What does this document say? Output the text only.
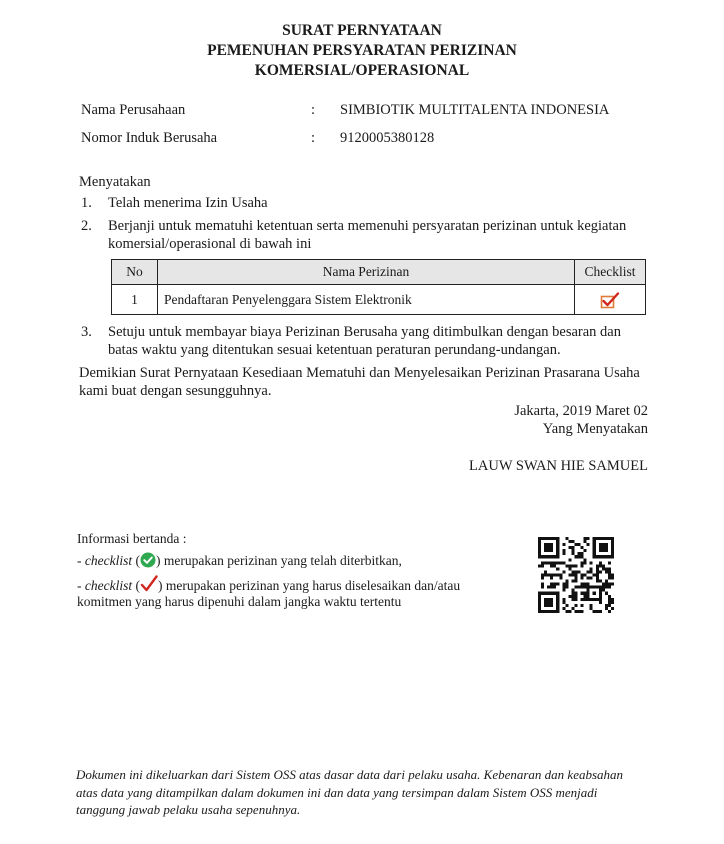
SURAT PERNYATAAN
PEMENUHAN PERSYARATAN PERIZINAN
KOMERSIAL/OPERASIONAL
Nama Perusahaan	: SIMBIOTIK MULTITALENTA INDONESIA
Nomor Induk Berusaha	: 9120005380128
Menyatakan
1. Telah menerima Izin Usaha
2. Berjanji untuk mematuhi ketentuan serta memenuhi persyaratan perizinan untuk kegiatan
komersial/operasional di bawah ini
No	Nama Perizinan	Checklist
1	Pendaftaran Penyelenggara Sistem Elektronik	
3. Setuju untuk membayar biaya Perizinan Berusaha yang ditimbulkan dengan besaran dan
batas waktu yang ditentukan sesuai ketentuan peraturan perundang-undangan.
Demikian Surat Pernyataan Kesediaan Mematuhi dan Menyelesaikan Perizinan Prasarana Usaha
kami buat dengan sesungguhnya.
Jakarta, 2019 Maret 02
Yang Menyatakan
LAUW SWAN HIE SAMUEL
Informasi bertanda :
- checklist ( ) merupakan perizinan yang telah diterbitkan,
- checklist ( ) merupakan perizinan yang harus diselesaikan dan/atau
komitmen yang harus dipenuhi dalam jangka waktu tertentu
Dokumen ini dikeluarkan dari Sistem OSS atas dasar data dari pelaku usaha. Kebenaran dan keabsahan
atas data yang ditampilkan dalam dokumen ini dan data yang tersimpan dalam Sistem OSS menjadi
tanggung jawab pelaku usaha sepenuhnya.
